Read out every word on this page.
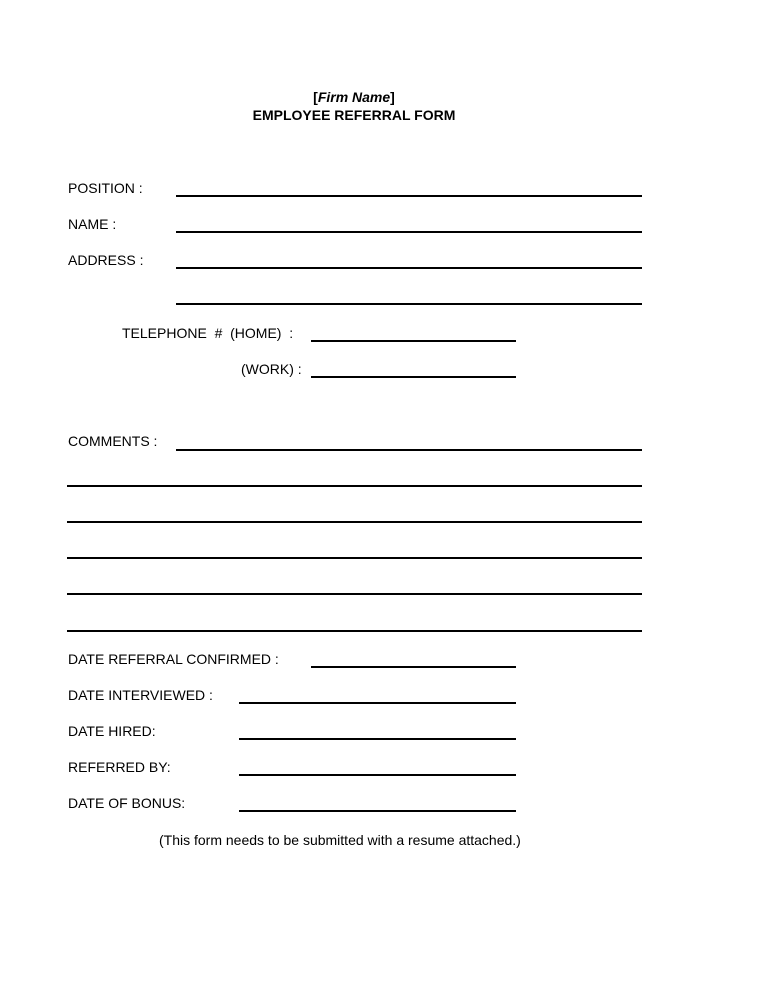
[Firm Name]
EMPLOYEE REFERRAL FORM
POSITION :
NAME :
ADDRESS :
TELEPHONE  #  (HOME)  :
(WORK) :
COMMENTS :
DATE REFERRAL CONFIRMED :
DATE INTERVIEWED :
DATE HIRED:
REFERRED BY:
DATE OF BONUS:
(This form needs to be submitted with a resume attached.)
